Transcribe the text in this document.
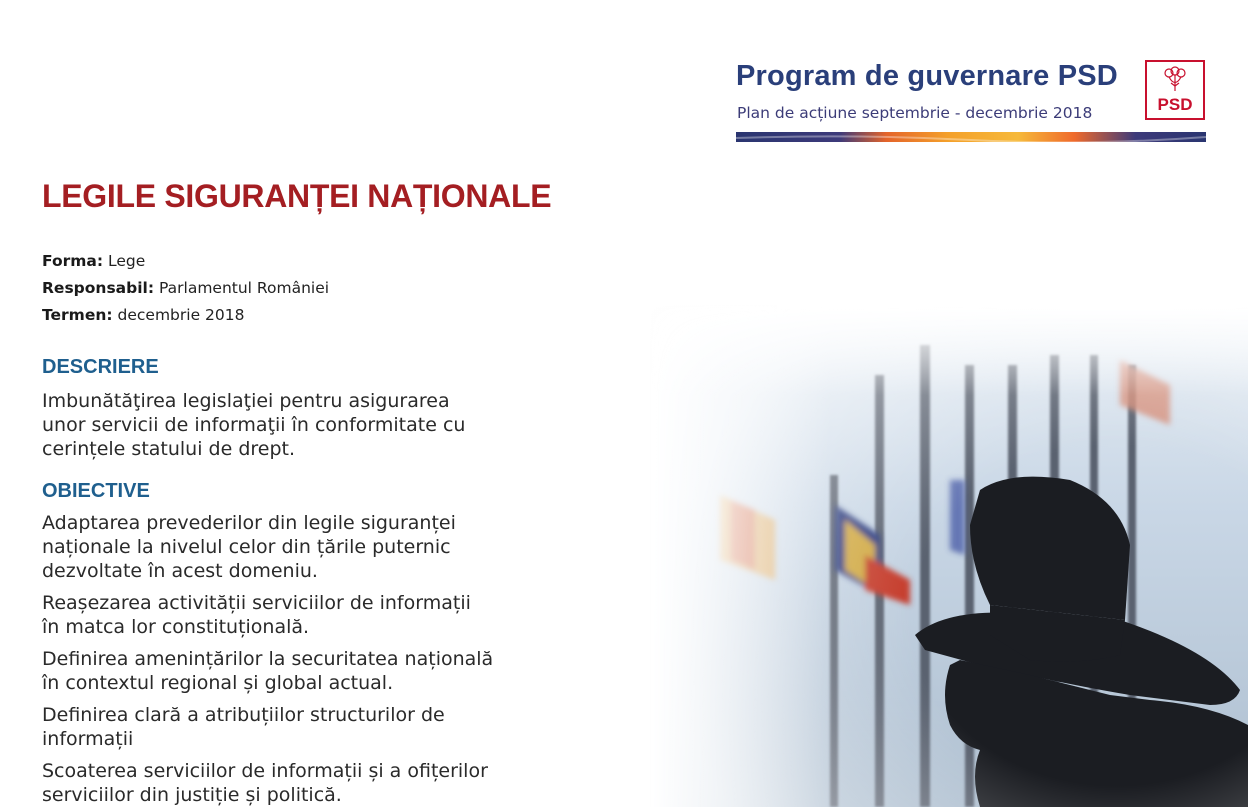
Program de guvernare PSD
Plan de acțiune septembrie - decembrie 2018	PSD
LEGILE SIGURANȚEI NAȚIONALE
Forma: Lege
Responsabil: Parlamentul României
Termen: decembrie 2018
DESCRIERE
Imbunătăţirea legislaţiei pentru asigurarea
unor servicii de informaţii în conformitate cu
cerințele statului de drept.
OBIECTIVE
Adaptarea prevederilor din legile siguranței
naționale la nivelul celor din țările puternic
dezvoltate în acest domeniu.
Reașezarea activității serviciilor de informații
în matca lor constituțională.
Definirea amenințărilor la securitatea națională
în contextul regional și global actual.
Definirea clară a atribuțiilor structurilor de
informații
Scoaterea serviciilor de informații și a ofițerilor
serviciilor din justiție și politică.
